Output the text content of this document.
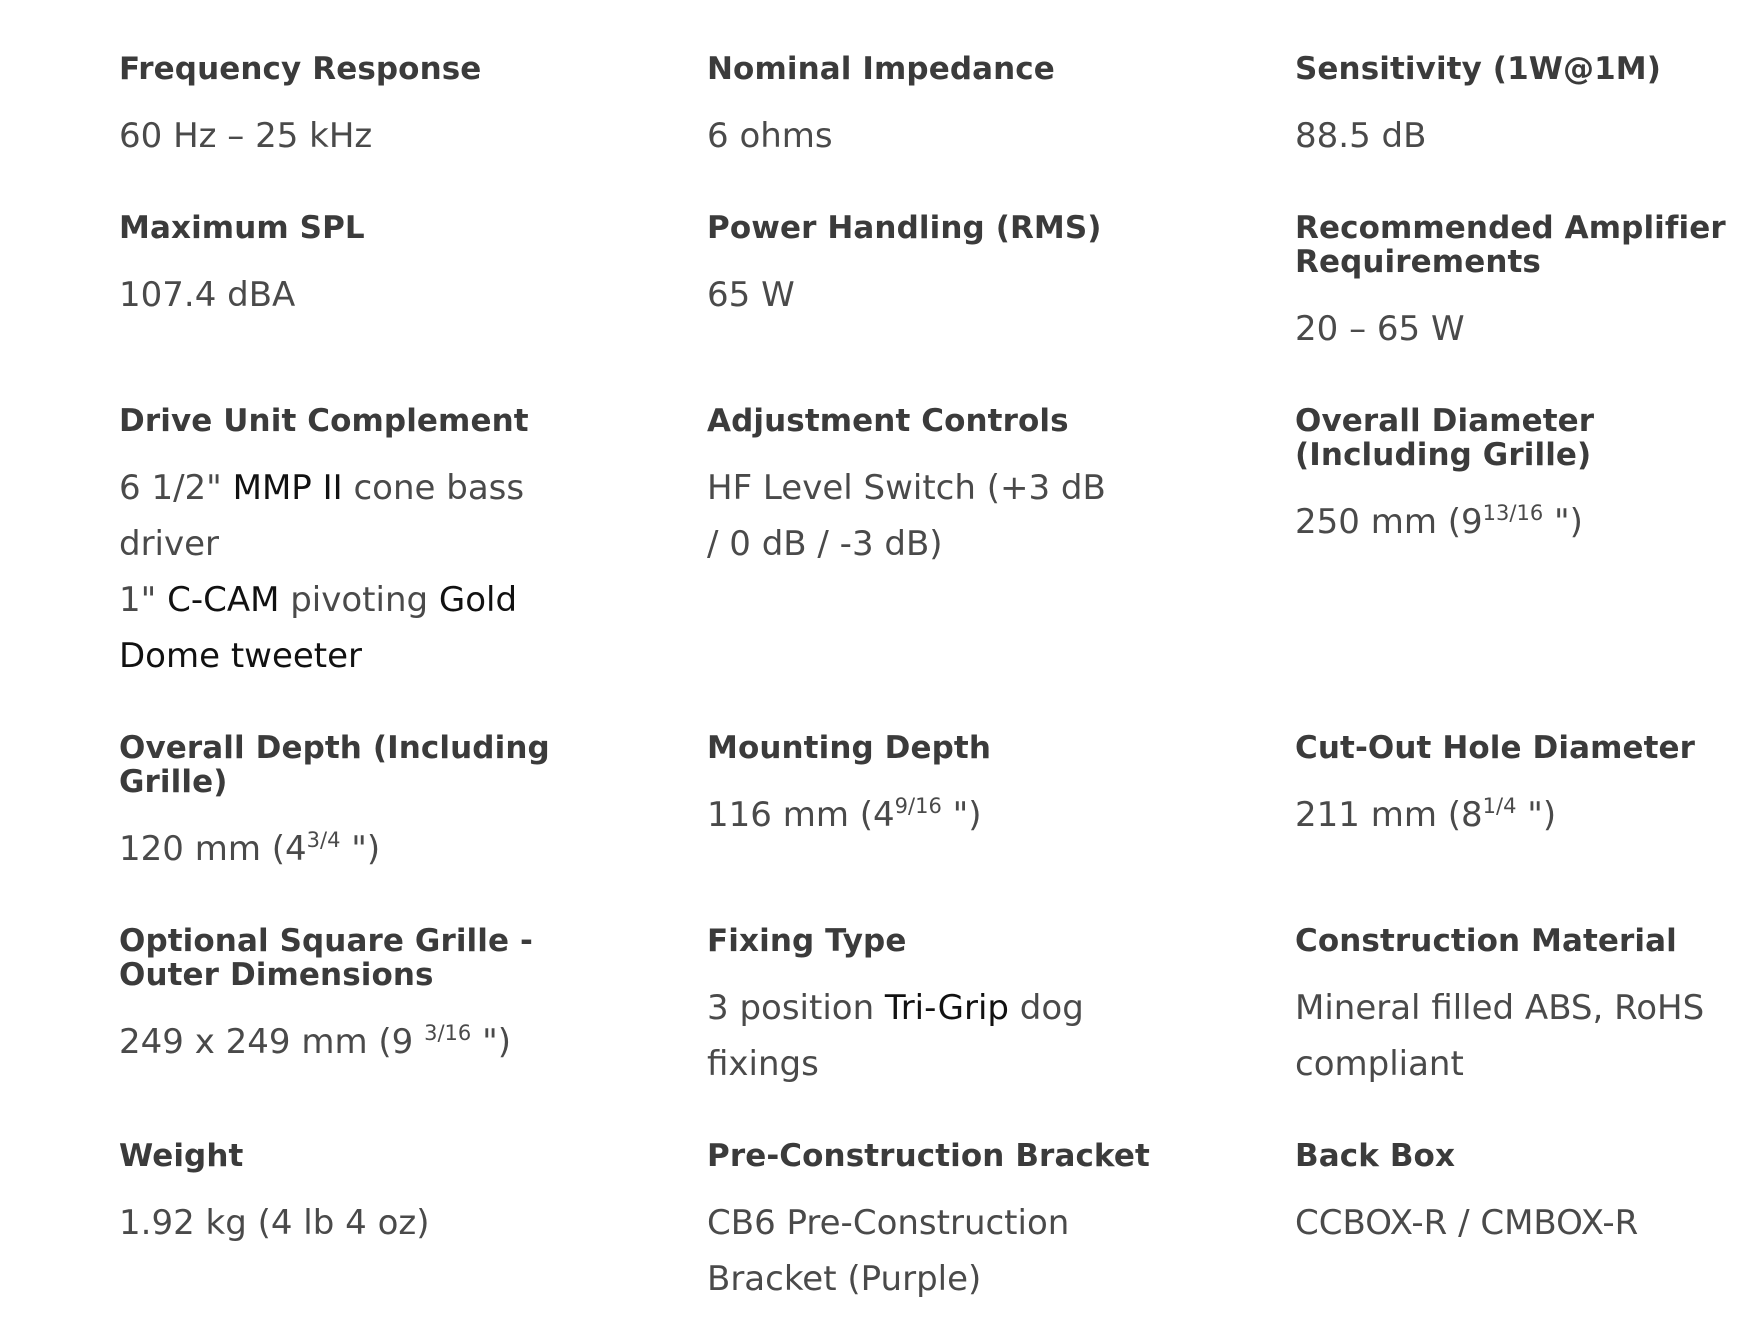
Frequency Response
60 Hz – 25 kHz
Nominal Impedance
6 ohms
Sensitivity (1W@1M)
88.5 dB
Maximum SPL
107.4 dBA
Power Handling (RMS)
65 W
Recommended Amplifier Requirements
20 – 65 W
Drive Unit Complement
6 1/2" MMP II cone bass driver
1" C-CAM pivoting Gold Dome tweeter
Adjustment Controls
HF Level Switch (+3 dB / 0 dB / -3 dB)
Overall Diameter (Including Grille)
250 mm ($9^{13/16}$ ")
Overall Depth (Including Grille)
120 mm ($4^{3/4}$ ")
Mounting Depth
116 mm ($4^{9/16}$ ")
Cut-Out Hole Diameter
211 mm ($8^{1/4}$ ")
Optional Square Grille - Outer Dimensions
249 x 249 mm (9 $^{3/16}$ ")
Fixing Type
3 position Tri-Grip dog fixings
Construction Material
Mineral filled ABS, RoHS compliant
Weight
1.92 kg (4 lb 4 oz)
Pre-Construction Bracket
CB6 Pre-Construction Bracket (Purple)
Back Box
CCBOX-R / CMBOX-R
